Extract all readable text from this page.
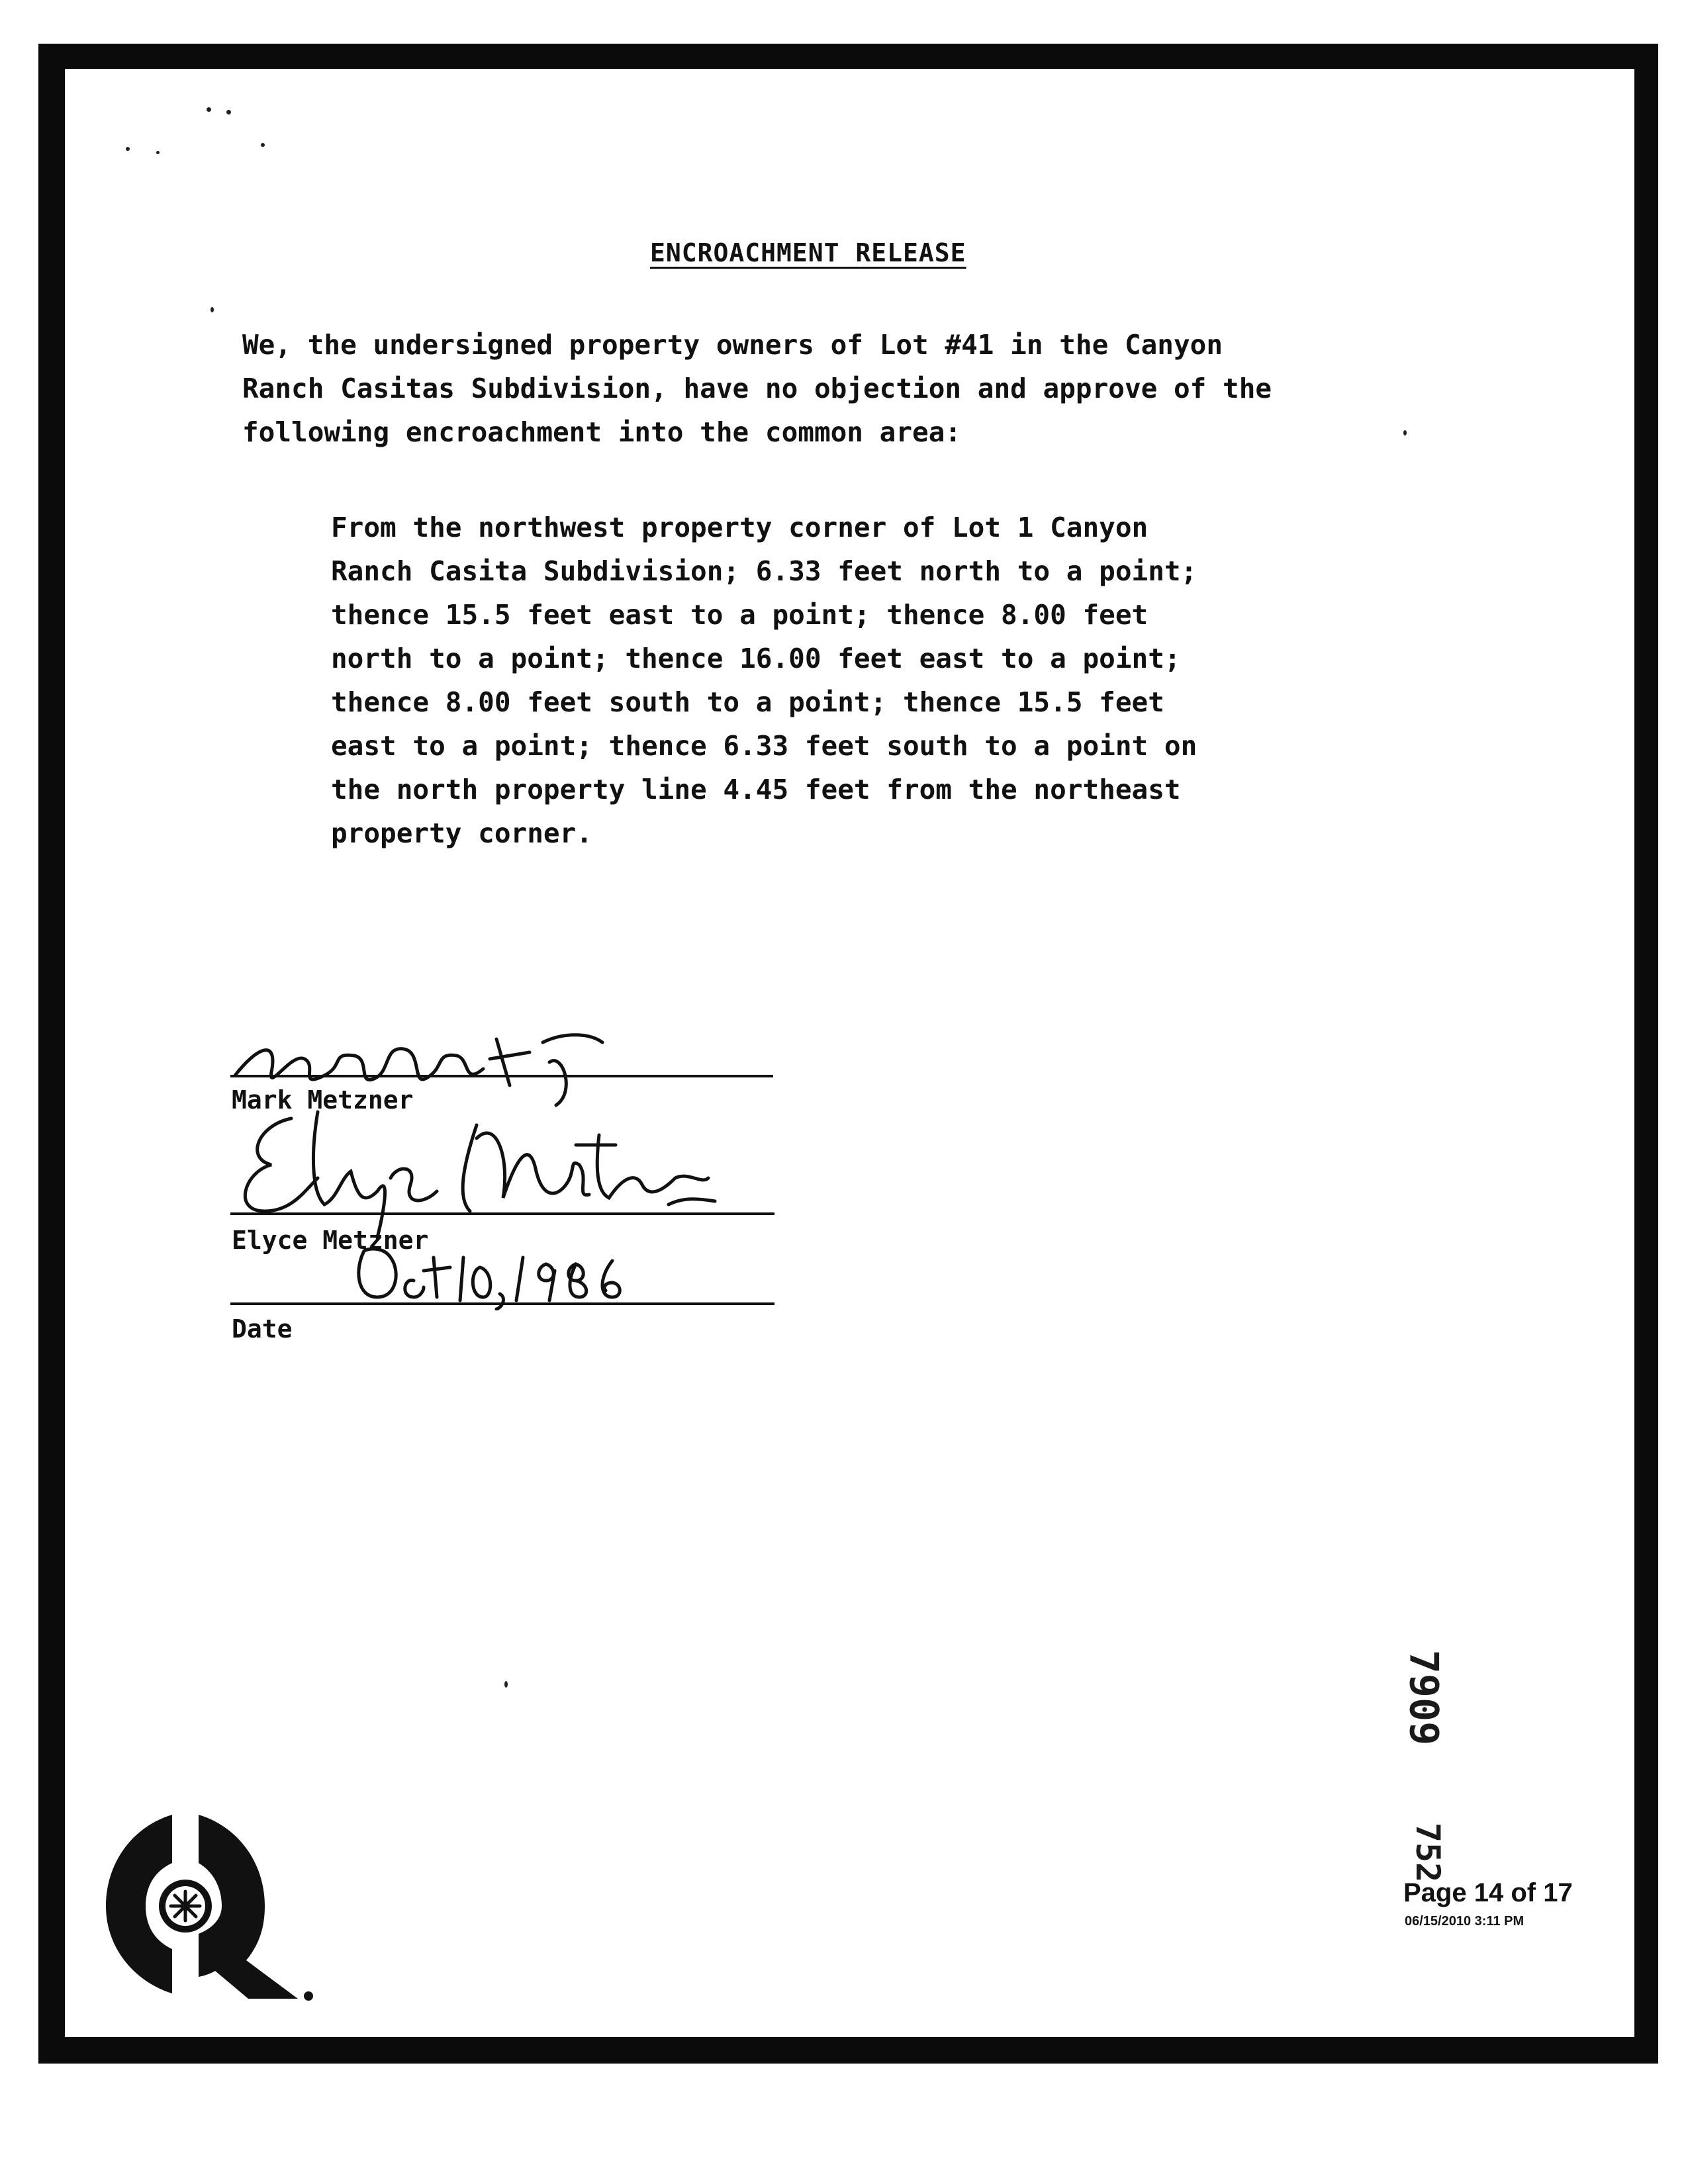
ENCROACHMENT RELEASE
We, the undersigned property owners of Lot #41 in the Canyon
Ranch Casitas Subdivision, have no objection and approve of the
following encroachment into the common area:
From the northwest property corner of Lot 1 Canyon
Ranch Casita Subdivision; 6.33 feet north to a point;
thence 15.5 feet east to a point; thence 8.00 feet
north to a point; thence 16.00 feet east to a point;
thence 8.00 feet south to a point; thence 15.5 feet
east to a point; thence 6.33 feet south to a point on
the north property line 4.45 feet from the northeast
property corner.
Mark Metzner
Elyce Metzner
Date
7909
752
Page 14 of 17
06/15/2010 3:11 PM
